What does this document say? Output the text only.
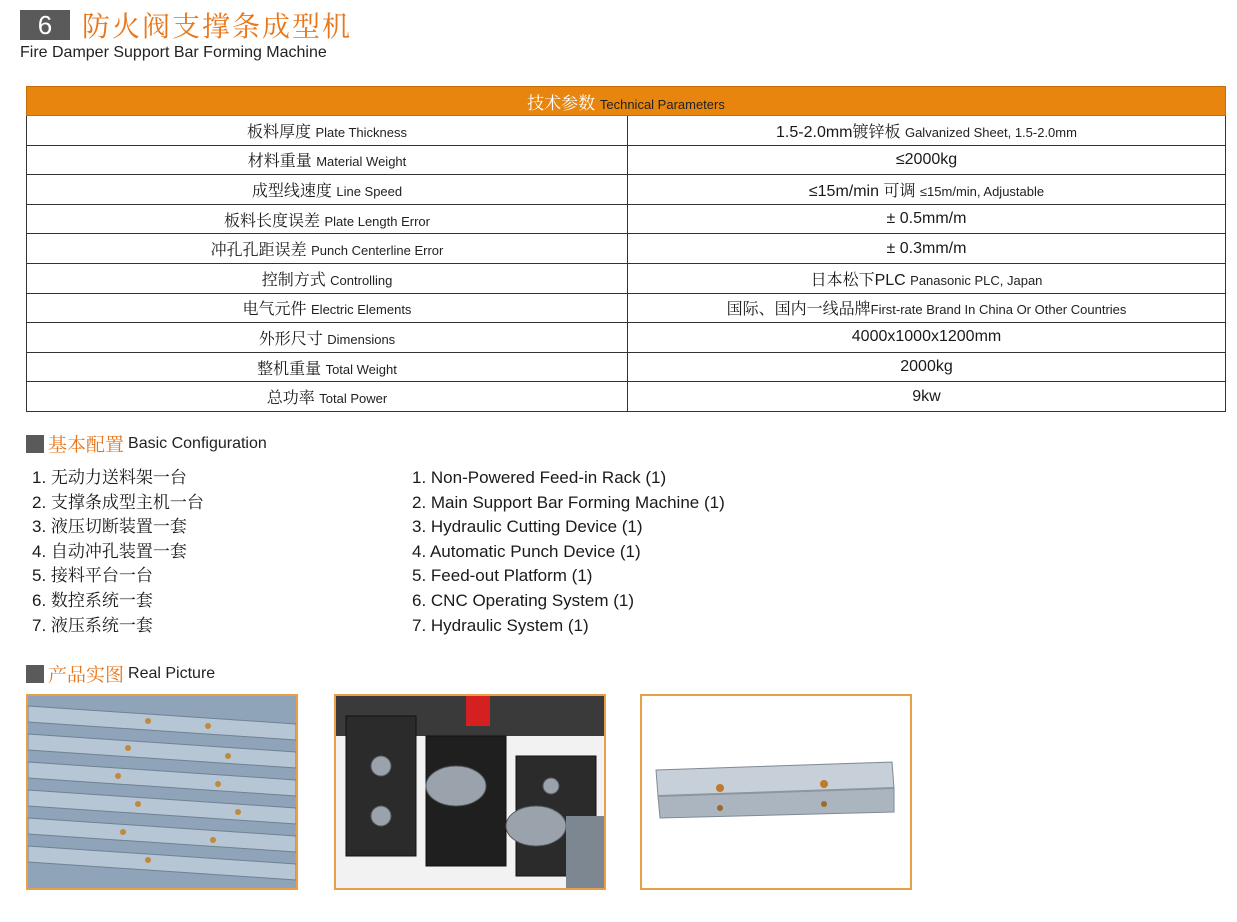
6	防火阀支撑条成型机
Fire Damper Support Bar Forming Machine
技术参数 Technical Parameters	
板料厚度 Plate Thickness	1.5-2.0mm镀锌板 Galvanized Sheet, 1.5-2.0mm
材料重量 Material Weight	≤2000kg
成型线速度 Line Speed	≤15m/min 可调 ≤15m/min, Adjustable
板料长度误差 Plate Length Error	± 0.5mm/m
冲孔孔距误差 Punch Centerline Error	± 0.3mm/m
控制方式 Controlling	日本松下PLC Panasonic PLC, Japan
电气元件 Electric Elements	国际、国内一线品牌First-rate Brand In China Or Other Countries
外形尺寸 Dimensions	4000x1000x1200mm
整机重量 Total Weight	2000kg
总功率 Total Power	9kw
基本配置 Basic Configuration
1. 无动力送料架一台
2. 支撑条成型主机一台
3. 液压切断装置一套
4. 自动冲孔装置一套
5. 接料平台一台
6. 数控系统一套
7. 液压系统一套
1. Non-Powered Feed-in Rack (1)
2. Main Support Bar Forming Machine (1)
3. Hydraulic Cutting Device (1)
4. Automatic Punch Device (1)
5. Feed-out Platform (1)
6. CNC Operating System (1)
7. Hydraulic System (1)
产品实图 Real Picture
